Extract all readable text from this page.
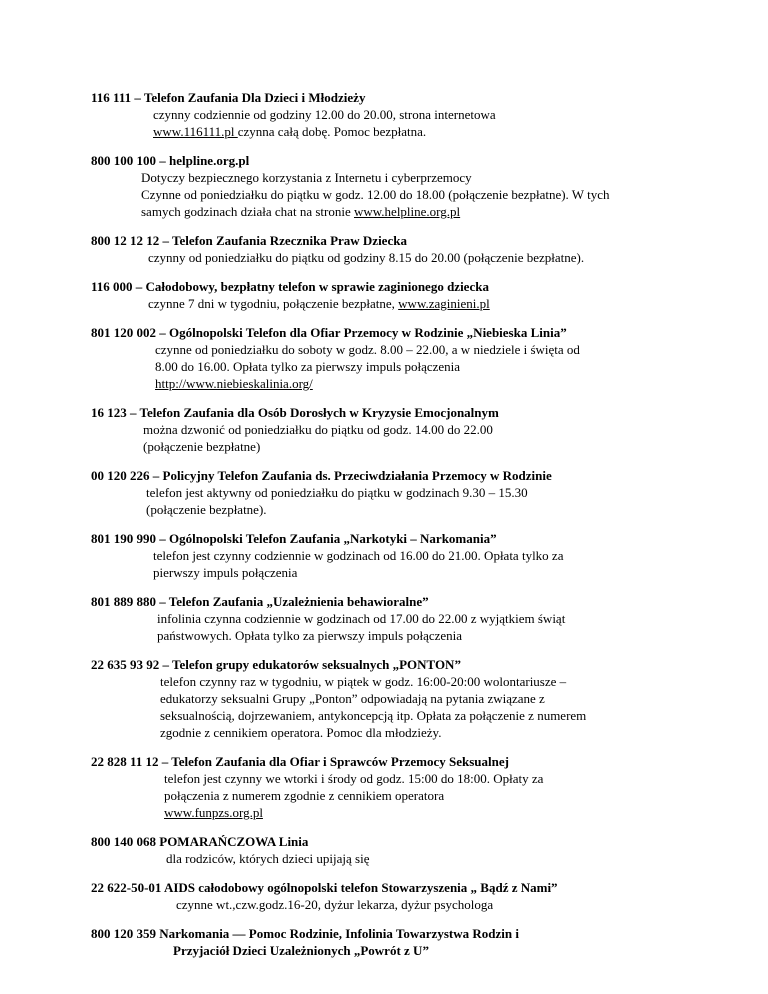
116 111 – Telefon Zaufania Dla Dzieci i Młodzieży
czynny codziennie od godziny 12.00 do 20.00, strona internetowa
www.116111.pl czynna całą dobę. Pomoc bezpłatna.
800 100 100 – helpline.org.pl
Dotyczy bezpiecznego korzystania z Internetu i cyberprzemocy
Czynne od poniedziałku do piątku w godz. 12.00 do 18.00 (połączenie bezpłatne). W tych
samych godzinach działa chat na stronie www.helpline.org.pl
800 12 12 12 – Telefon Zaufania Rzecznika Praw Dziecka
czynny od poniedziałku do piątku od godziny 8.15 do 20.00 (połączenie bezpłatne).
116 000 – Całodobowy, bezpłatny telefon w sprawie zaginionego dziecka
czynne 7 dni w tygodniu, połączenie bezpłatne, www.zaginieni.pl
801 120 002 – Ogólnopolski Telefon dla Ofiar Przemocy w Rodzinie „Niebieska Linia”
czynne od poniedziałku do soboty w godz. 8.00 – 22.00, a w niedziele i święta od
8.00 do 16.00. Opłata tylko za pierwszy impuls połączenia
http://www.niebieskalinia.org/
16 123 – Telefon Zaufania dla Osób Dorosłych w Kryzysie Emocjonalnym
można dzwonić od poniedziałku do piątku od godz. 14.00 do 22.00
(połączenie bezpłatne)
00 120 226 – Policyjny Telefon Zaufania ds. Przeciwdziałania Przemocy w Rodzinie
telefon jest aktywny od poniedziałku do piątku w godzinach 9.30 – 15.30
(połączenie bezpłatne).
801 190 990 – Ogólnopolski Telefon Zaufania „Narkotyki – Narkomania”
telefon jest czynny codziennie w godzinach od 16.00 do 21.00. Opłata tylko za
pierwszy impuls połączenia
801 889 880 – Telefon Zaufania „Uzależnienia behawioralne”
infolinia czynna codziennie w godzinach od 17.00 do 22.00 z wyjątkiem świąt
państwowych. Opłata tylko za pierwszy impuls połączenia
22 635 93 92 – Telefon grupy edukatorów seksualnych „PONTON”
telefon czynny raz w tygodniu, w piątek w godz. 16:00-20:00 wolontariusze –
edukatorzy seksualni Grupy „Ponton” odpowiadają na pytania związane z
seksualnością, dojrzewaniem, antykoncepcją itp. Opłata za połączenie z numerem
zgodnie z cennikiem operatora. Pomoc dla młodzieży.
22 828 11 12 – Telefon Zaufania dla Ofiar i Sprawców Przemocy Seksualnej
telefon jest czynny we wtorki i środy od godz. 15:00 do 18:00. Opłaty za
połączenia z numerem zgodnie z cennikiem operatora
www.funpzs.org.pl
800 140 068 POMARAŃCZOWA Linia
dla rodziców, których dzieci upijają się
22 622-50-01 AIDS całodobowy ogólnopolski telefon Stowarzyszenia „ Bądź z Nami”
czynne wt.,czw.godz.16-20, dyżur lekarza, dyżur psychologa
800 120 359 Narkomania — Pomoc Rodzinie, Infolinia Towarzystwa Rodzin i
Przyjaciół Dzieci Uzależnionych „Powrót z U”
